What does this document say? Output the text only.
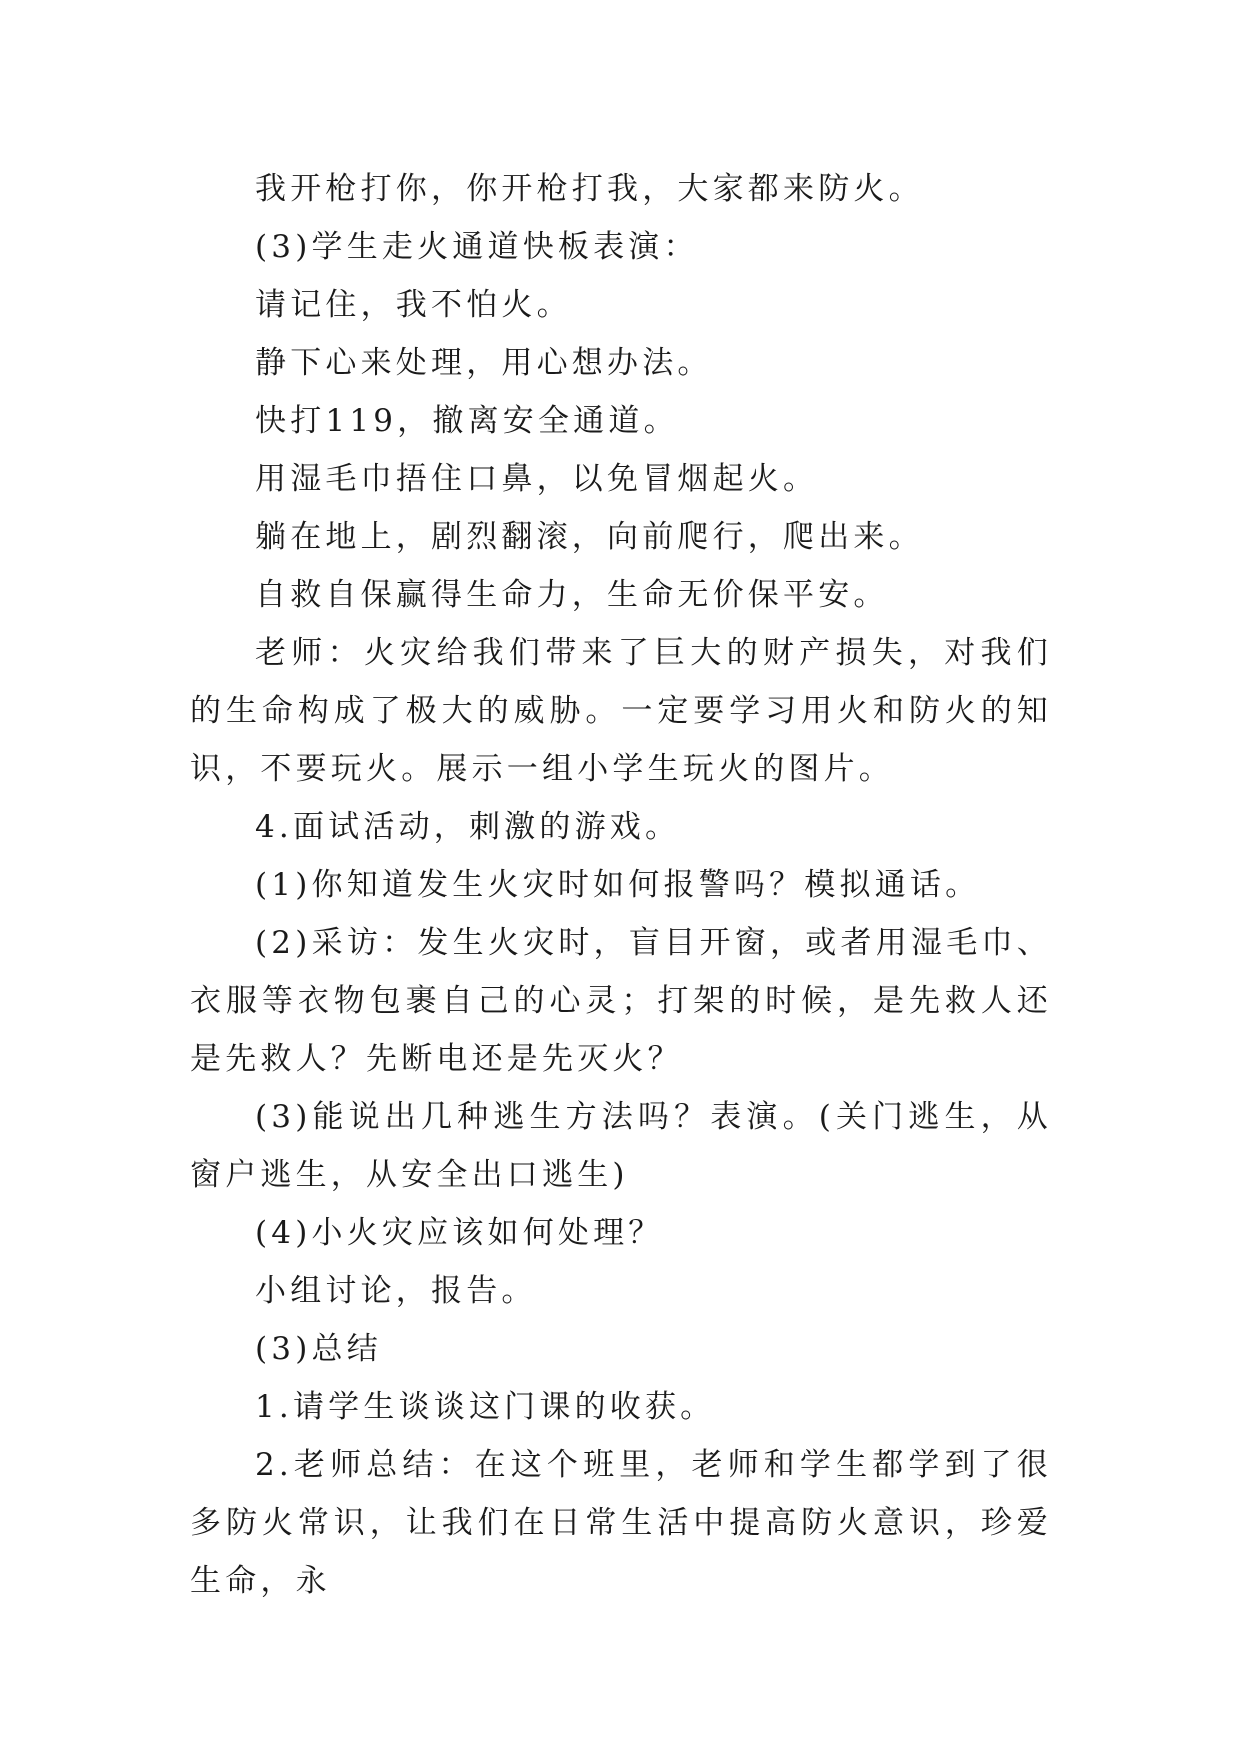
我开枪打你，你开枪打我，大家都来防火。

(3)学生走火通道快板表演：

请记住，我不怕火。

静下心来处理，用心想办法。

快打119，撤离安全通道。

用湿毛巾捂住口鼻，以免冒烟起火。

躺在地上，剧烈翻滚，向前爬行，爬出来。

自救自保赢得生命力，生命无价保平安。

老师：火灾给我们带来了巨大的财产损失，对我们的生命构成了极大的威胁。一定要学习用火和防火的知识，不要玩火。展示一组小学生玩火的图片。

4.面试活动，刺激的游戏。

(1)你知道发生火灾时如何报警吗？模拟通话。

(2)采访：发生火灾时，盲目开窗，或者用湿毛巾、衣服等衣物包裹自己的心灵；打架的时候，是先救人还是先救人？先断电还是先灭火？

(3)能说出几种逃生方法吗？表演。(关门逃生，从窗户逃生，从安全出口逃生)

(4)小火灾应该如何处理？

小组讨论，报告。

(3)总结

1.请学生谈谈这门课的收获。

2.老师总结：在这个班里，老师和学生都学到了很多防火常识，让我们在日常生活中提高防火意识，珍爱生命，永
